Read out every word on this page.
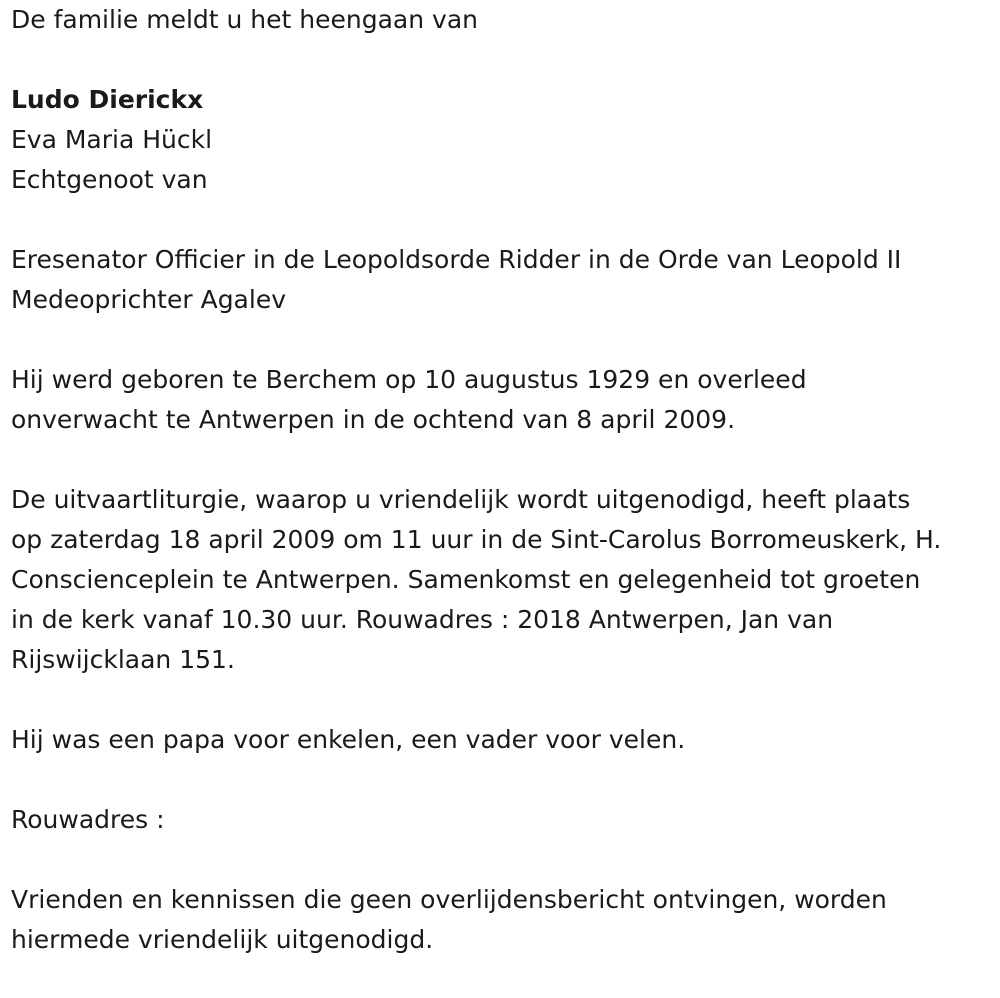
De familie meldt u het heengaan van

Ludo Dierickx

Eva Maria Hückl

Echtgenoot van

Eresenator Officier in de Leopoldsorde Ridder in de Orde van Leopold II
Medeoprichter Agalev

Hij werd geboren te Berchem op 10 augustus 1929 en overleed
onverwacht te Antwerpen in de ochtend van 8 april 2009.

De uitvaartliturgie, waarop u vriendelijk wordt uitgenodigd, heeft plaats
op zaterdag 18 april 2009 om 11 uur in de Sint-Carolus Borromeuskerk, H.
Conscienceplein te Antwerpen. Samenkomst en gelegenheid tot groeten
in de kerk vanaf 10.30 uur. Rouwadres : 2018 Antwerpen, Jan van
Rijswijcklaan 151.

Hij was een papa voor enkelen, een vader voor velen.

Rouwadres :

Vrienden en kennissen die geen overlijdensbericht ontvingen, worden
hiermede vriendelijk uitgenodigd.
